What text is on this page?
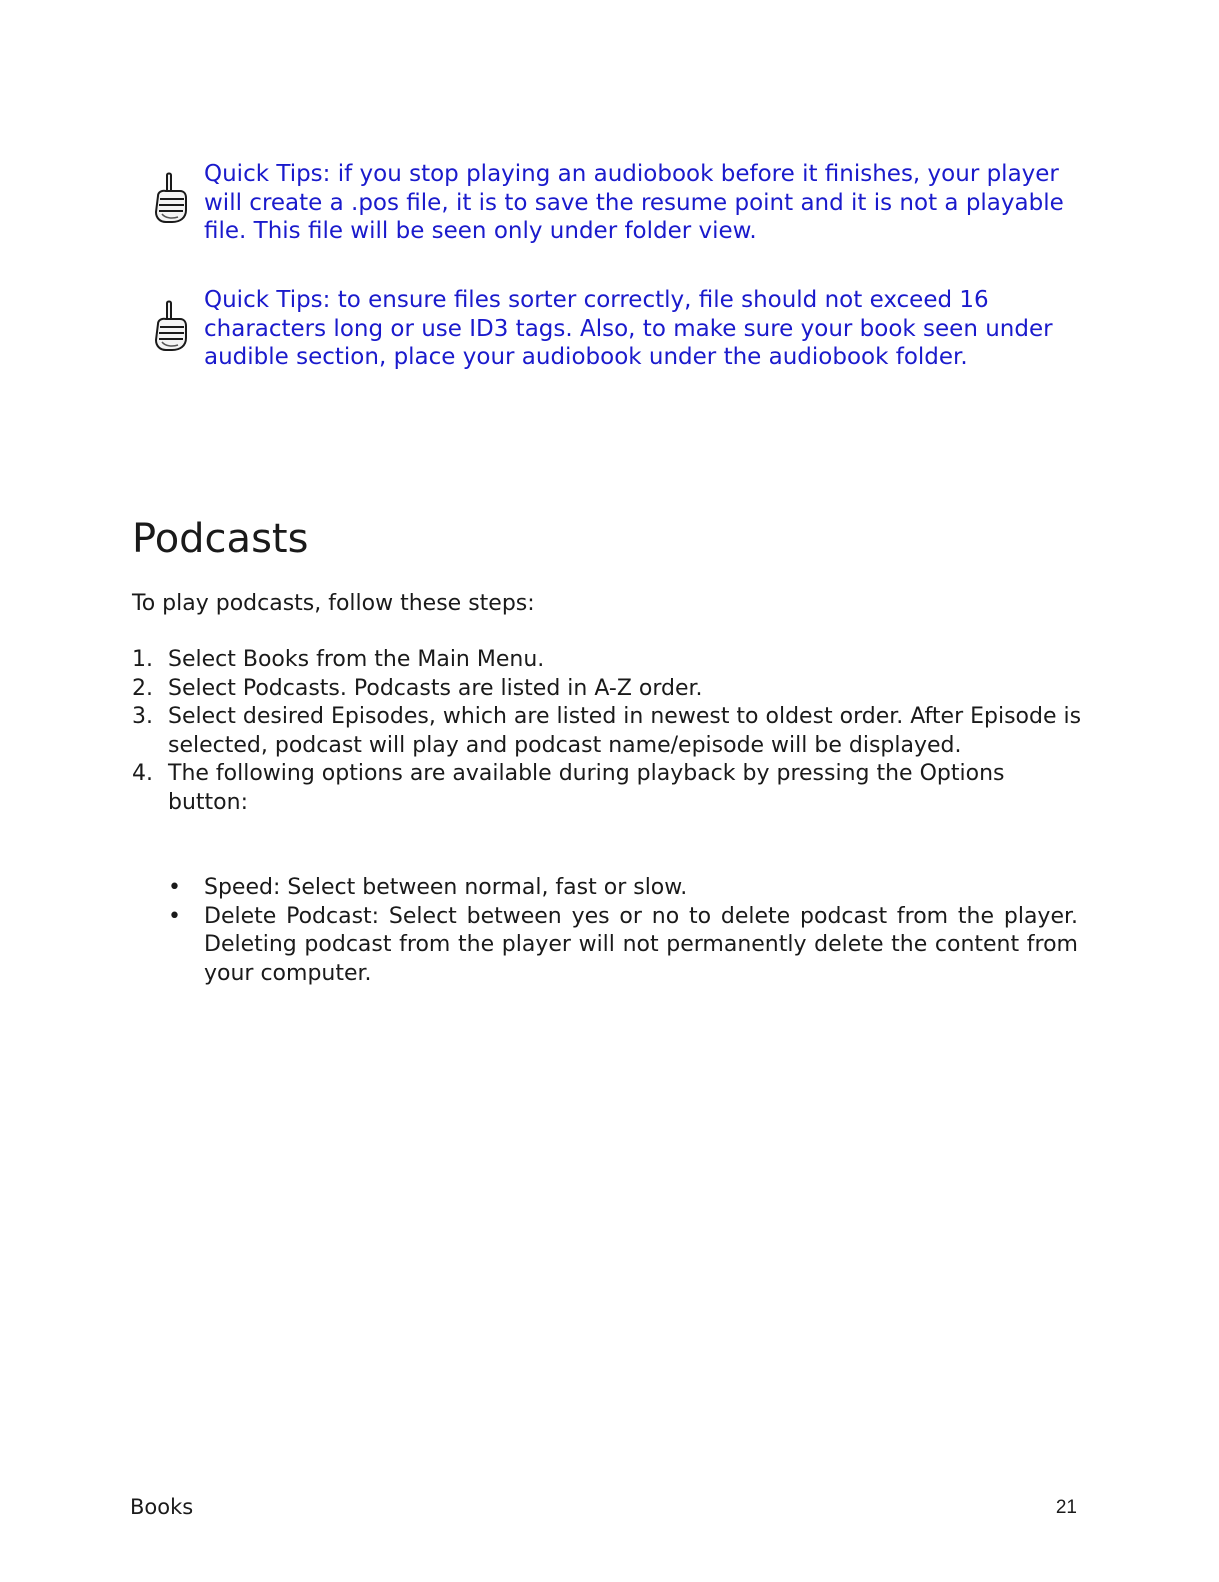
Quick Tips: if you stop playing an audiobook before it finishes, your player will create a .pos file, it is to save the resume point and it is not a playable file. This file will be seen only under folder view.

Quick Tips: to ensure files sorter correctly, file should not exceed 16 characters long or use ID3 tags. Also, to make sure your book seen under audible section, place your audiobook under the audiobook folder.

Podcasts

To play podcasts, follow these steps:

1. Select Books from the Main Menu.
2. Select Podcasts. Podcasts are listed in A-Z order.
3. Select desired Episodes, which are listed in newest to oldest order. After Episode is selected, podcast will play and podcast name/episode will be displayed.
4. The following options are available during playback by pressing the Options button:
• Speed: Select between normal, fast or slow.
• Delete Podcast: Select between yes or no to delete podcast from the player. Deleting podcast from the player will not permanently delete the content from your computer.
Books	21
